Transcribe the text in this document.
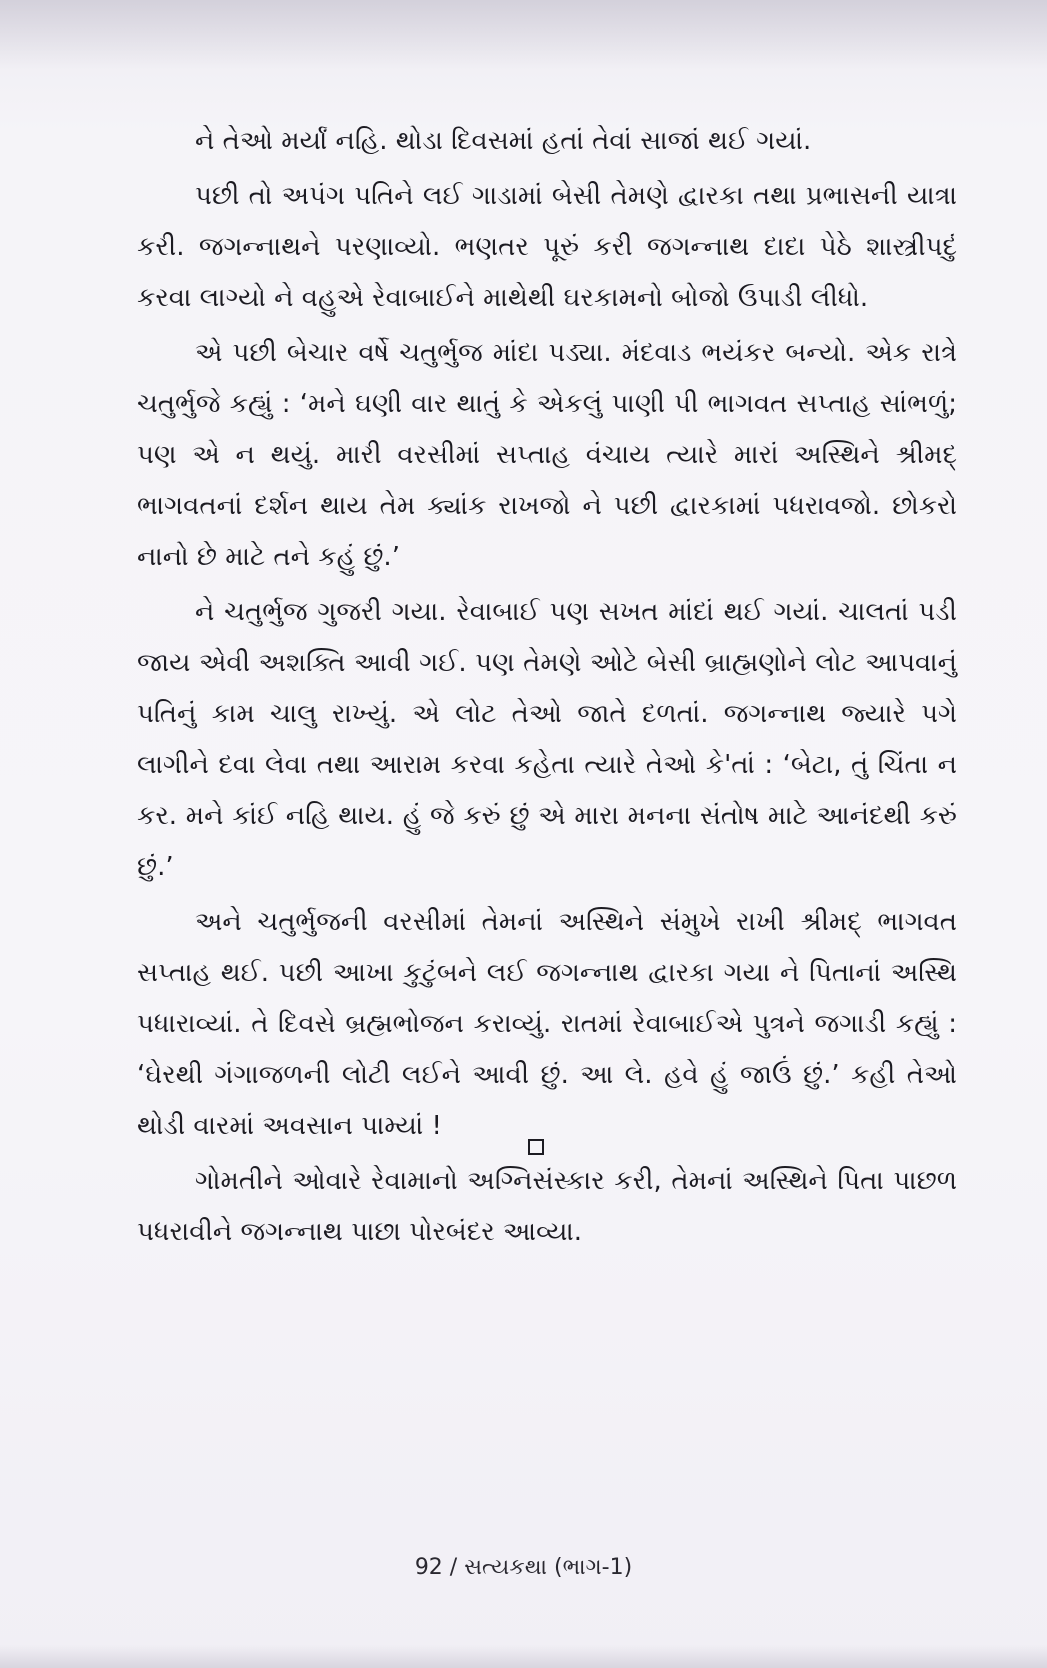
ને તેઓ મર્યાં નહિ. થોડા દિવસમાં હતાં તેવાં સાજાં થઈ ગયાં.

પછી તો અપંગ પતિને લઈ ગાડામાં બેસી તેમણે દ્વારકા તથા પ્રભાસની યાત્રા કરી. જગન્નાથને પરણાવ્યો. ભણતર પૂરું કરી જગન્નાથ દાદા પેઠે શાસ્ત્રીપદું કરવા લાગ્યો ને વહુએ રેવાબાઈને માથેથી ઘરકામનો બોજો ઉપાડી લીધો.

એ પછી બેચાર વર્ષે ચતુર્ભુજ માંદા પડ્યા. મંદવાડ ભયંકર બન્યો. એક રાત્રે ચતુર્ભુજે કહ્યું : ‘મને ઘણી વાર થાતું કે એકલું પાણી પી ભાગવત સપ્તાહ સાંભળું; પણ એ ન થયું. મારી વરસીમાં સપ્તાહ વંચાય ત્યારે મારાં અસ્થિને શ્રીમદ્ ભાગવતનાં દર્શન થાય તેમ ક્યાંક રાખજો ને પછી દ્વારકામાં પધરાવજો. છોકરો નાનો છે માટે તને કહું છું.’

ને ચતુર્ભુજ ગુજરી ગયા. રેવાબાઈ પણ સખત માંદાં થઈ ગયાં. ચાલતાં પડી જાય એવી અશક્તિ આવી ગઈ. પણ તેમણે ઓટે બેસી બ્રાહ્મણોને લોટ આપવાનું પતિનું કામ ચાલુ રાખ્યું. એ લોટ તેઓ જાતે દળતાં. જગન્નાથ જ્યારે પગે લાગીને દવા લેવા તથા આરામ કરવા કહેતા ત્યારે તેઓ કે'તાં : ‘બેટા, તું ચિંતા ન કર. મને કાંઈ નહિ થાય. હું જે કરું છું એ મારા મનના સંતોષ માટે આનંદથી કરું છું.’

અને ચતુર્ભુજની વરસીમાં તેમનાં અસ્થિને સંમુખે રાખી શ્રીમદ્ ભાગવત સપ્તાહ થઈ. પછી આખા કુટુંબને લઈ જગન્નાથ દ્વારકા ગયા ને પિતાનાં અસ્થિ પધારાવ્યાં. તે દિવસે બ્રહ્મભોજન કરાવ્યું. રાતમાં રેવાબાઈએ પુત્રને જગાડી કહ્યું : ‘ઘેરથી ગંગાજળની લોટી લઈને આવી છું. આ લે. હવે હું જાઉં છું.’ કહી તેઓ થોડી વારમાં અવસાન પામ્યાં !

ગોમતીને ઓવારે રેવામાનો અગ્નિસંસ્કાર કરી, તેમનાં અસ્થિને પિતા પાછળ પધરાવીને જગન્નાથ પાછા પોરબંદર આવ્યા.

92 / સત્યકથા (ભાગ-1)
